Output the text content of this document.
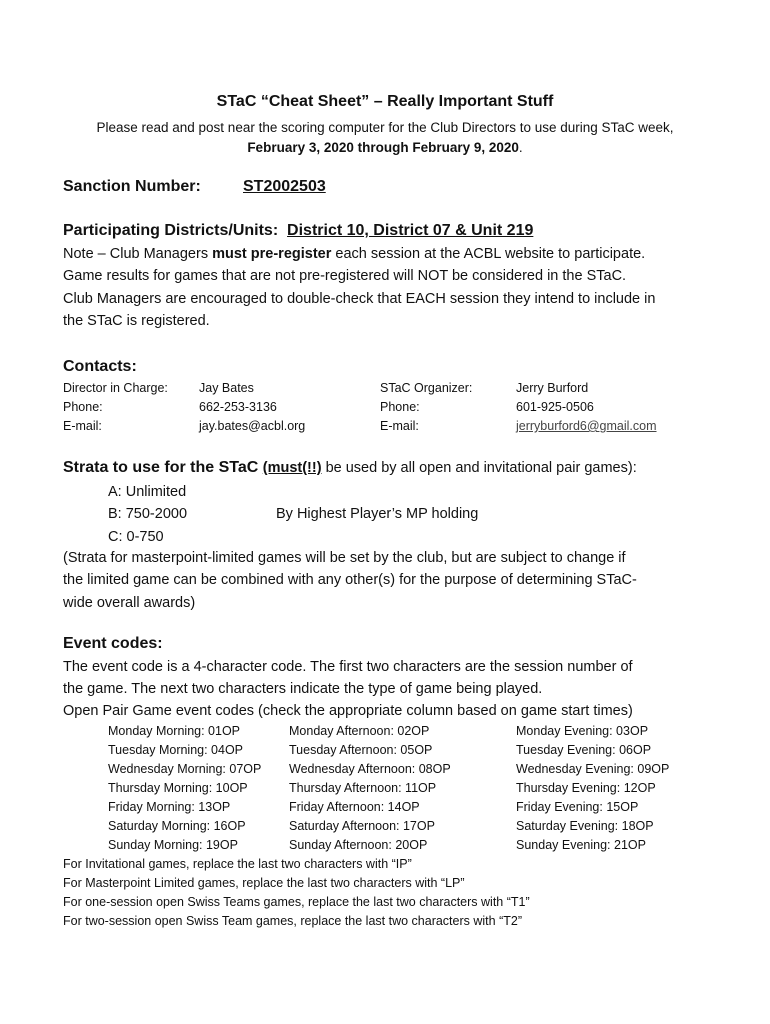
STaC “Cheat Sheet” – Really Important Stuff
Please read and post near the scoring computer for the Club Directors to use during STaC week,
February 3, 2020 through February 9, 2020.
Sanction Number:	ST2002503
Participating Districts/Units: District 10, District 07 & Unit 219
Note – Club Managers must pre-register each session at the ACBL website to participate.
Game results for games that are not pre-registered will NOT be considered in the STaC.
Club Managers are encouraged to double-check that EACH session they intend to include in
the STaC is registered.
Contacts:
Director in Charge:
Phone:
E-mail:
Jay Bates
662-253-3136
jay.bates@acbl.org
STaC Organizer:
Phone:
E-mail:
Jerry Burford
601-925-0506
jerryburford6@gmail.com
Strata to use for the STaC (must(!!) be used by all open and invitational pair games):
A: Unlimited
B: 750-2000	By Highest Player’s MP holding
C: 0-750
(Strata for masterpoint-limited games will be set by the club, but are subject to change if
the limited game can be combined with any other(s) for the purpose of determining STaC-
wide overall awards)
Event codes:
The event code is a 4-character code. The first two characters are the session number of
the game. The next two characters indicate the type of game being played.
Open Pair Game event codes (check the appropriate column based on game start times)
Monday Morning: 01OP
Tuesday Morning: 04OP
Wednesday Morning: 07OP
Thursday Morning: 10OP
Friday Morning: 13OP
Saturday Morning: 16OP
Sunday Morning: 19OP
Monday Afternoon: 02OP
Tuesday Afternoon: 05OP
Wednesday Afternoon: 08OP
Thursday Afternoon: 11OP
Friday Afternoon: 14OP
Saturday Afternoon: 17OP
Sunday Afternoon: 20OP
Monday Evening: 03OP
Tuesday Evening: 06OP
Wednesday Evening: 09OP
Thursday Evening: 12OP
Friday Evening: 15OP
Saturday Evening: 18OP
Sunday Evening: 21OP
For Invitational games, replace the last two characters with “IP”
For Masterpoint Limited games, replace the last two characters with “LP”
For one-session open Swiss Teams games, replace the last two characters with “T1”
For two-session open Swiss Team games, replace the last two characters with “T2”
